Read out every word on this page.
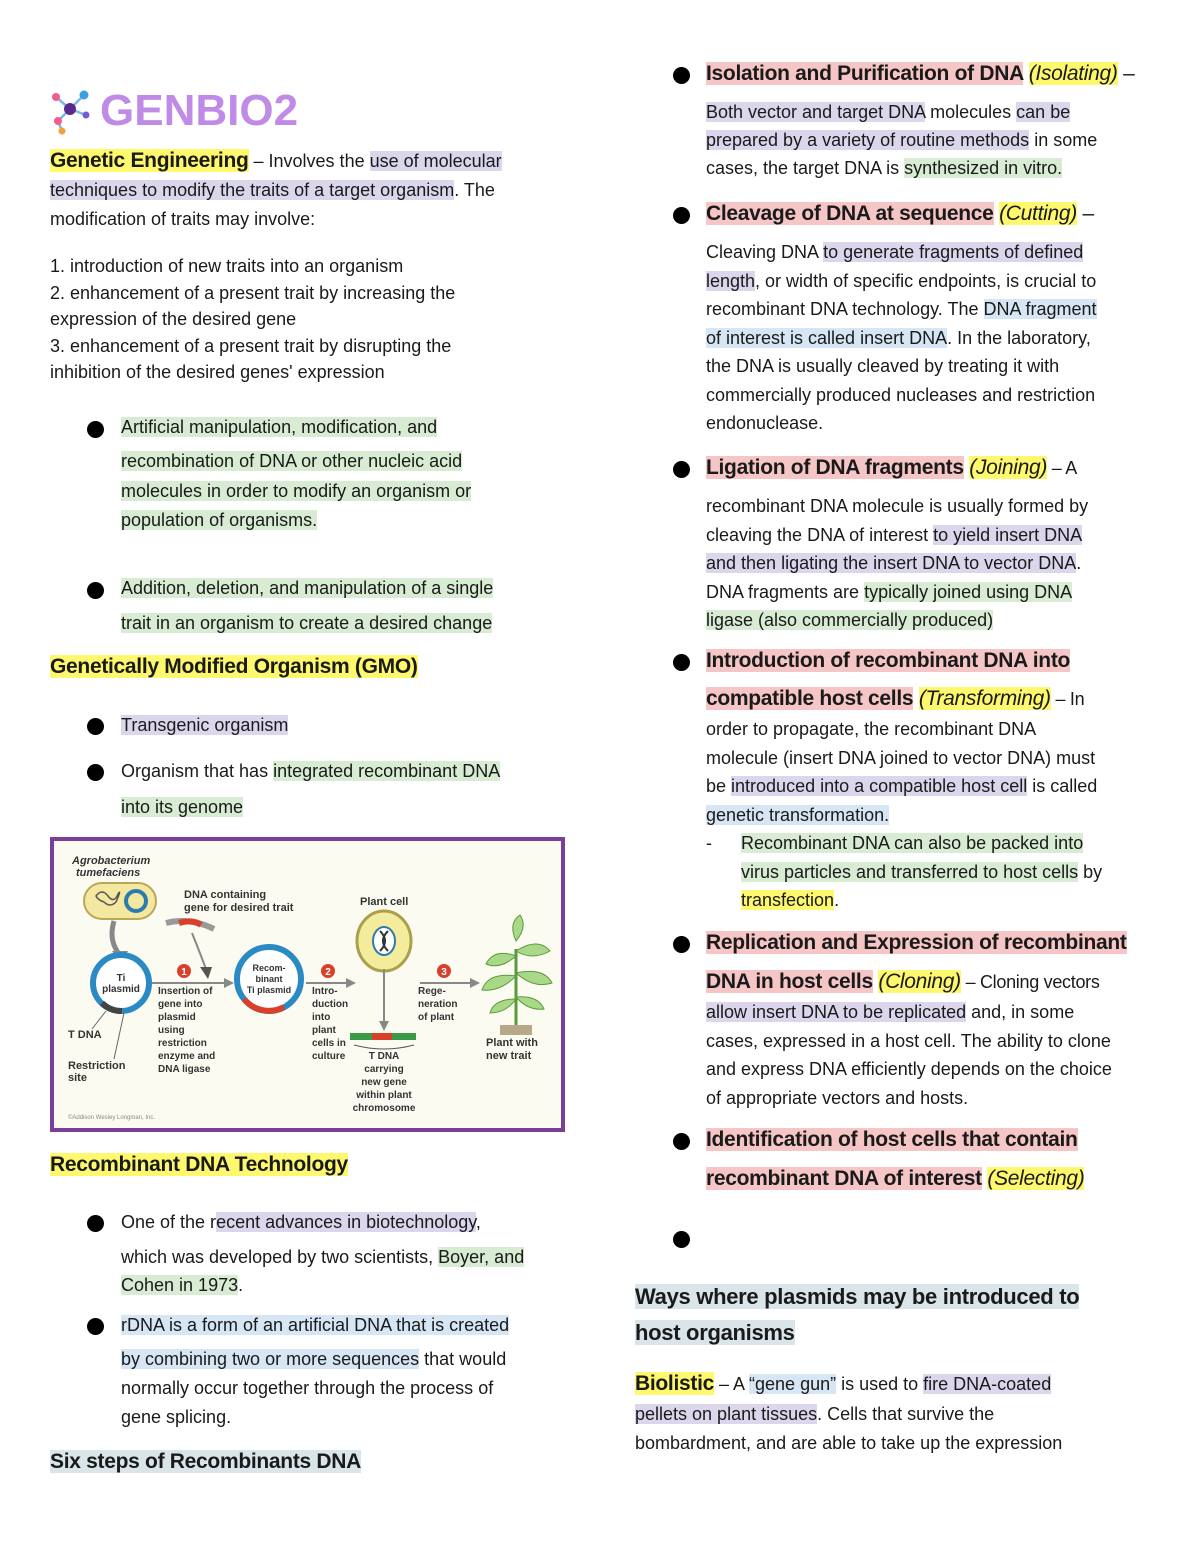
GENBIO2
Genetic Engineering – Involves the use of molecular
techniques to modify the traits of a target organism. The
modification of traits may involve:
1. introduction of new traits into an organism
2. enhancement of a present trait by increasing the
expression of the desired gene
3. enhancement of a present trait by disrupting the
inhibition of the desired genes' expression
Artificial manipulation, modification, and
recombination of DNA or other nucleic acid
molecules in order to modify an organism or
population of organisms.
Addition, deletion, and manipulation of a single
trait in an organism to create a desired change
Genetically Modified Organism (GMO)
Transgenic organism
Organism that has integrated recombinant DNA
into its genome
Agrobacterium
tumefaciens
DNA containing
gene for desired trait
Ti
plasmid
T DNA
Restriction
site
1
Insertion of
gene into
plasmid
using
restriction
enzyme and
DNA ligase
Recom-
binant
Ti plasmid
2
Intro-
duction
into
plant
cells in
culture
Plant cell
T DNA
carrying
new gene
within plant
chromosome
3
Rege-
neration
of plant
Plant with
new trait
©Addison Wesley Longman, Inc.
Recombinant DNA Technology
One of the recent advances in biotechnology,
which was developed by two scientists, Boyer, and
Cohen in 1973.
rDNA is a form of an artificial DNA that is created
by combining two or more sequences that would
normally occur together through the process of
gene splicing.
Six steps of Recombinants DNA
Isolation and Purification of DNA (Isolating) –
Both vector and target DNA molecules can be
prepared by a variety of routine methods in some
cases, the target DNA is synthesized in vitro.
Cleavage of DNA at sequence (Cutting) –
Cleaving DNA to generate fragments of defined
length, or width of specific endpoints, is crucial to
recombinant DNA technology. The DNA fragment
of interest is called insert DNA. In the laboratory,
the DNA is usually cleaved by treating it with
commercially produced nucleases and restriction
endonuclease.
Ligation of DNA fragments (Joining) – A
recombinant DNA molecule is usually formed by
cleaving the DNA of interest to yield insert DNA
and then ligating the insert DNA to vector DNA.
DNA fragments are typically joined using DNA
ligase (also commercially produced)
Introduction of recombinant DNA into
compatible host cells (Transforming) – In
order to propagate, the recombinant DNA
molecule (insert DNA joined to vector DNA) must
be introduced into a compatible host cell is called
genetic transformation.
- Recombinant DNA can also be packed into
virus particles and transferred to host cells by
transfection.
Replication and Expression of recombinant
DNA in host cells (Cloning) – Cloning vectors
allow insert DNA to be replicated and, in some
cases, expressed in a host cell. The ability to clone
and express DNA efficiently depends on the choice
of appropriate vectors and hosts.
Identification of host cells that contain
recombinant DNA of interest (Selecting)
Ways where plasmids may be introduced to
host organisms
Biolistic – A “gene gun” is used to fire DNA-coated
pellets on plant tissues. Cells that survive the
bombardment, and are able to take up the expression
